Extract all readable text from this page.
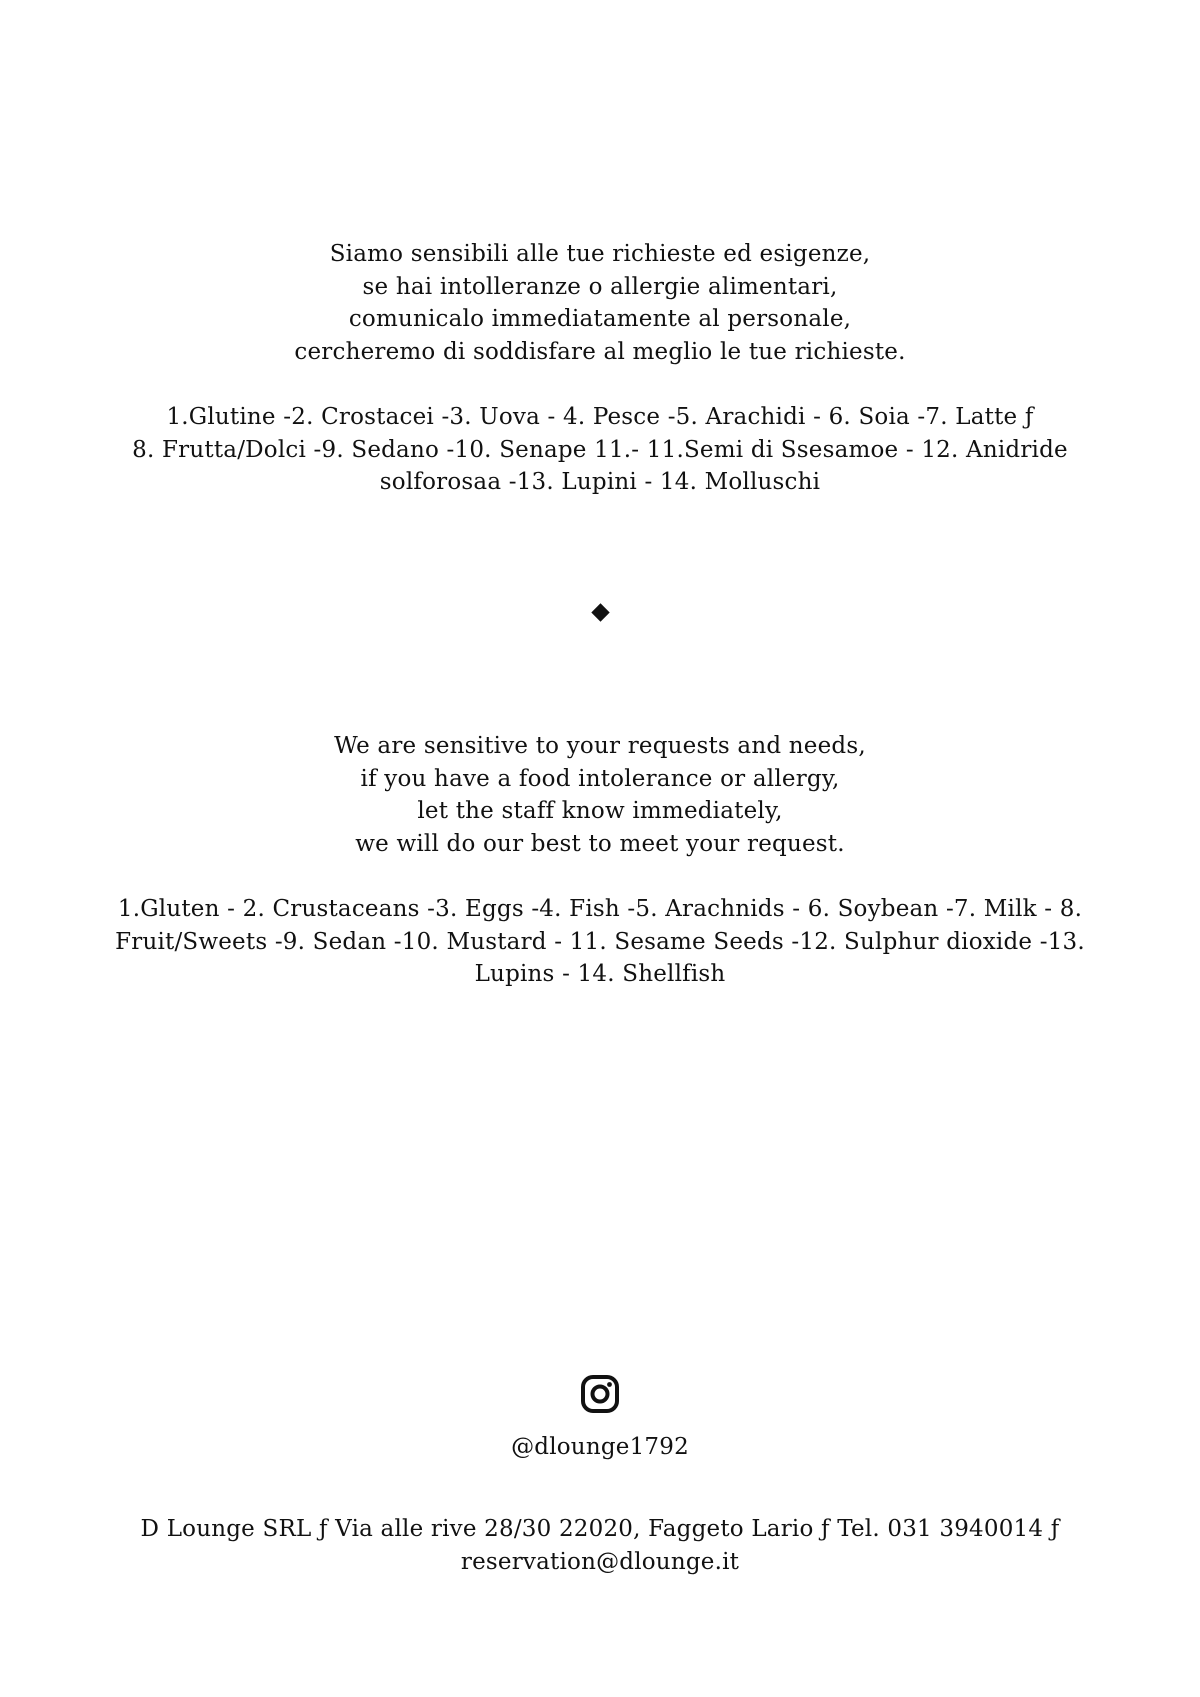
Siamo sensibili alle tue richieste ed esigenze,
se hai intolleranze o allergie alimentari,
comunicalo immediatamente al personale,
cercheremo di soddisfare al meglio le tue richieste.
1.Glutine -2. Crostacei -3. Uova - 4. Pesce -5. Arachidi - 6. Soia -7. Latte ƒ
8. Frutta/Dolci -9. Sedano -10. Senape 11.- 11.Semi di Ssesamoe - 12. Anidride
solforosaa -13. Lupini - 14. Molluschi
We are sensitive to your requests and needs,
if you have a food intolerance or allergy,
let the staff know immediately,
we will do our best to meet your request.
1.Gluten - 2. Crustaceans -3. Eggs -4. Fish -5. Arachnids - 6. Soybean -7. Milk - 8.
Fruit/Sweets -9. Sedan -10. Mustard - 11. Sesame Seeds -12. Sulphur dioxide -13.
Lupins - 14. Shellfish
@dlounge1792
D Lounge SRL ƒ Via alle rive 28/30 22020, Faggeto Lario ƒ Tel. 031 3940014 ƒ
reservation@dlounge.it
